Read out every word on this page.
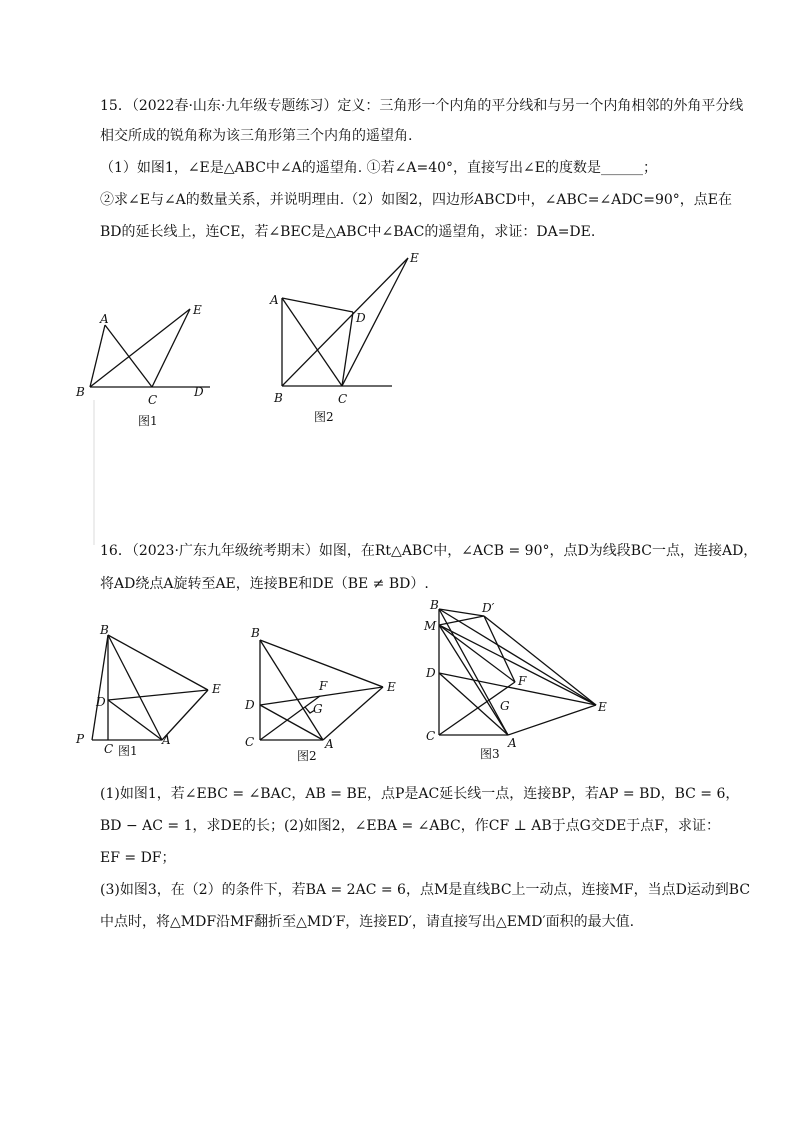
15．（2022春·山东·九年级专题练习）定义：三角形一个内角的平分线和与另一个内角相邻的外角平分线
相交所成的锐角称为该三角形第三个内角的遥望角.
（1）如图1，∠E是△ABC中∠A的遥望角. ①若∠A=40°，直接写出∠E的度数是______；
②求∠E与∠A的数量关系，并说明理由.（2）如图2，四边形ABCD中，∠ABC=∠ADC=90°，点E在
BD的延长线上，连CE，若∠BEC是△ABC中∠BAC的遥望角，求证：DA=DE.
A
B
C
D
E
图1
A
B	C
D
E
图2
16．（2023·广东九年级统考期末）如图，在Rt△ABC中，∠ACB = 90°，点D为线段BC一点，连接AD，
将AD绕点A旋转至AE，连接BE和DE（BE ≠ BD）.
B
D
P
C
A
E
图1
B
D
C	A
E
F
G
图2
B
M
D′
D
F
G
C	A
E
图3
(1)如图1，若∠EBC = ∠BAC，AB = BE，点P是AC延长线一点，连接BP，若AP = BD，BC = 6，
BD − AC = 1，求DE的长；(2)如图2，∠EBA = ∠ABC，作CF ⊥ AB于点G交DE于点F，求证：
EF = DF；
(3)如图3，在（2）的条件下，若BA = 2AC = 6，点M是直线BC上一动点，连接MF，当点D运动到BC
中点时，将△MDF沿MF翻折至△MD′F，连接ED′，请直接写出△EMD′面积的最大值.
